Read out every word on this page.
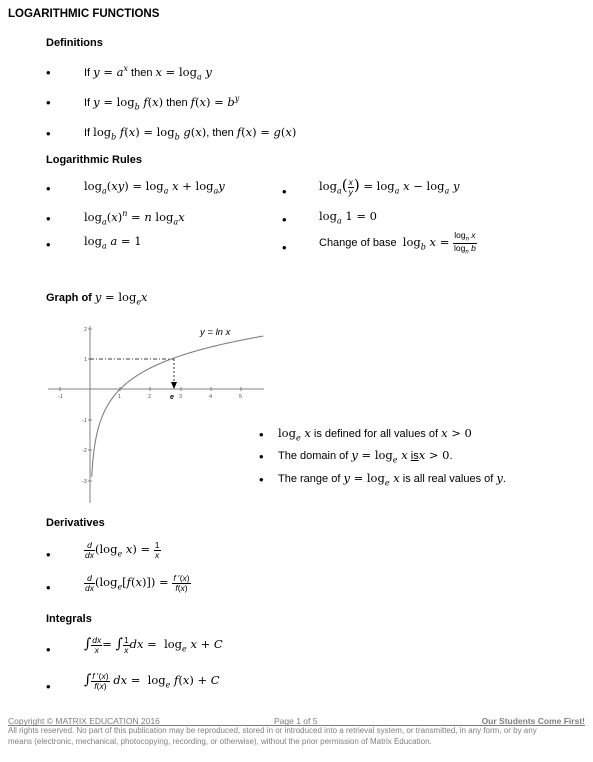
LOGARITHMIC FUNCTIONS
Definitions
•	If $y = a^x$ then $x = \log_a y$
•	If $y = \log_b f(x)$ then $f(x) = b^y$
•	If $\log_b f(x) = \log_b g(x)$, then f(x) = g(x)
Logarithmic Rules
•	$\log_a(xy) = \log_a x + \log_ay$
•	$\log_a(x)^n = n$ $\log_ax$
•	$\log_a a = 1$
•	$\log_a( \frac{x}{y}$ ) = $\log_a x - \log_a y$
•	$\log_a 1 = 0$
•	Change of base $\log_b x = \frac{\log_n x}{\log_n b}$
Graph of $y = \log_ex$
-1	1	2	3	4	5
2
1
-1
-2
-3
e
y = ln x
• $\log_e x$ is defined for all values of x > 0
• The domain of $y = \log_e x$ isx > 0.
• The range of $y = \log_e x$ is all real values of y.
Derivatives
•	$\frac{d}{dx} (\log_e$ $x) = \frac{1}{x}$
•	$\frac{d}{dx} (\log_e[f(x)]) = \frac{f '(x)}{f(x)}$
Integrals
• ∫ $\frac{dx}{x}$ = ∫ $\frac{1}{x}$ dx =  $\log_e x + C$
• ∫ $\frac{f '(x)}{f(x)}$ dx =  $\log_e f(x) + C$
Copyright © MATRIX EDUCATION 2016	Page 1 of 5	Our Students Come First!
All rights reserved. No part of this publication may be reproduced, stored in or introduced into a retrieval system, or transmitted, in any form, or by any
means (electronic, mechanical, photocopying, recording, or otherwise), without the prior permission of Matrix Education.
